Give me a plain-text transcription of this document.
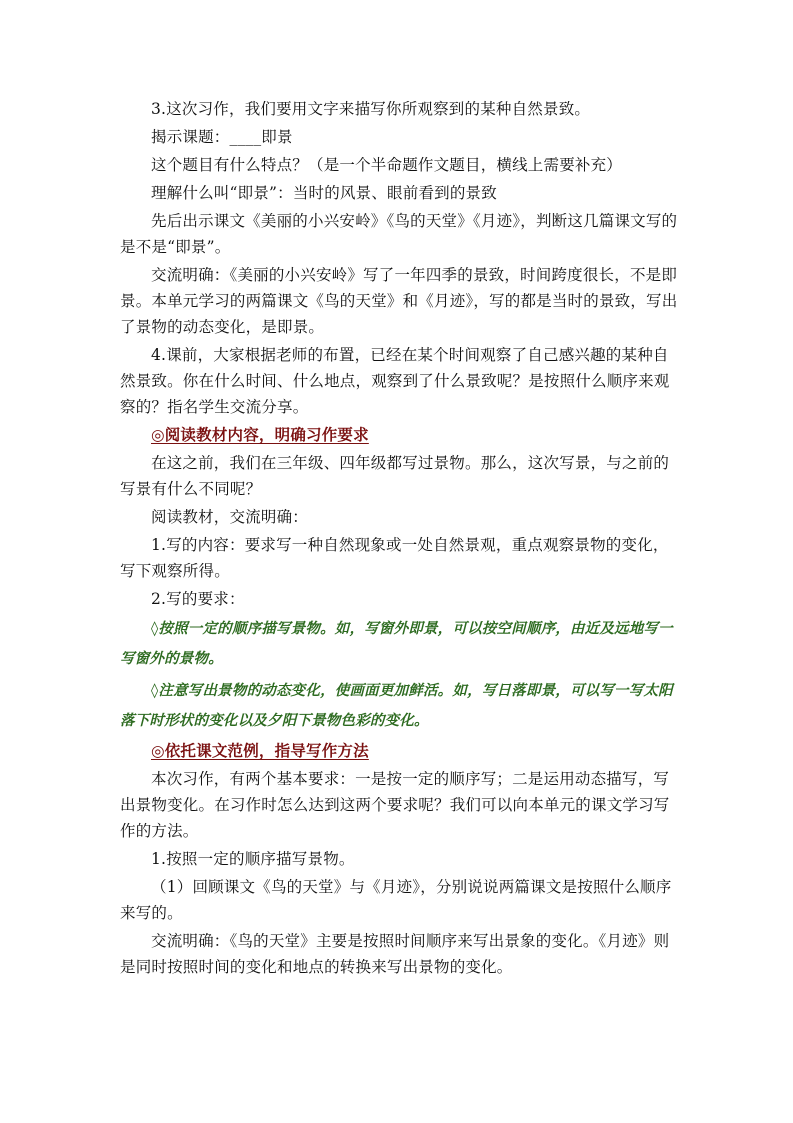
3.这次习作，我们要用文字来描写你所观察到的某种自然景致。

揭示课题：____即景

这个题目有什么特点？（是一个半命题作文题目，横线上需要补充）

理解什么叫“即景”：当时的风景、眼前看到的景致

先后出示课文《美丽的小兴安岭》《鸟的天堂》《月迹》，判断这几篇课文写的是不是“即景”。

交流明确：《美丽的小兴安岭》写了一年四季的景致，时间跨度很长，不是即景。本单元学习的两篇课文《鸟的天堂》和《月迹》，写的都是当时的景致，写出了景物的动态变化，是即景。

4.课前，大家根据老师的布置，已经在某个时间观察了自己感兴趣的某种自然景致。你在什么时间、什么地点，观察到了什么景致呢？是按照什么顺序来观察的？指名学生交流分享。

◎阅读教材内容，明确习作要求

在这之前，我们在三年级、四年级都写过景物。那么，这次写景，与之前的写景有什么不同呢？

阅读教材，交流明确：

1.写的内容：要求写一种自然现象或一处自然景观，重点观察景物的变化，写下观察所得。

2.写的要求：

◊按照一定的顺序描写景物。如，写窗外即景，可以按空间顺序，由近及远地写一写窗外的景物。

◊注意写出景物的动态变化，使画面更加鲜活。如，写日落即景，可以写一写太阳落下时形状的变化以及夕阳下景物色彩的变化。

◎依托课文范例，指导写作方法

本次习作，有两个基本要求：一是按一定的顺序写；二是运用动态描写，写出景物变化。在习作时怎么达到这两个要求呢？我们可以向本单元的课文学习写作的方法。

1.按照一定的顺序描写景物。

（1）回顾课文《鸟的天堂》与《月迹》，分别说说两篇课文是按照什么顺序来写的。

交流明确：《鸟的天堂》主要是按照时间顺序来写出景象的变化。《月迹》则是同时按照时间的变化和地点的转换来写出景物的变化。
